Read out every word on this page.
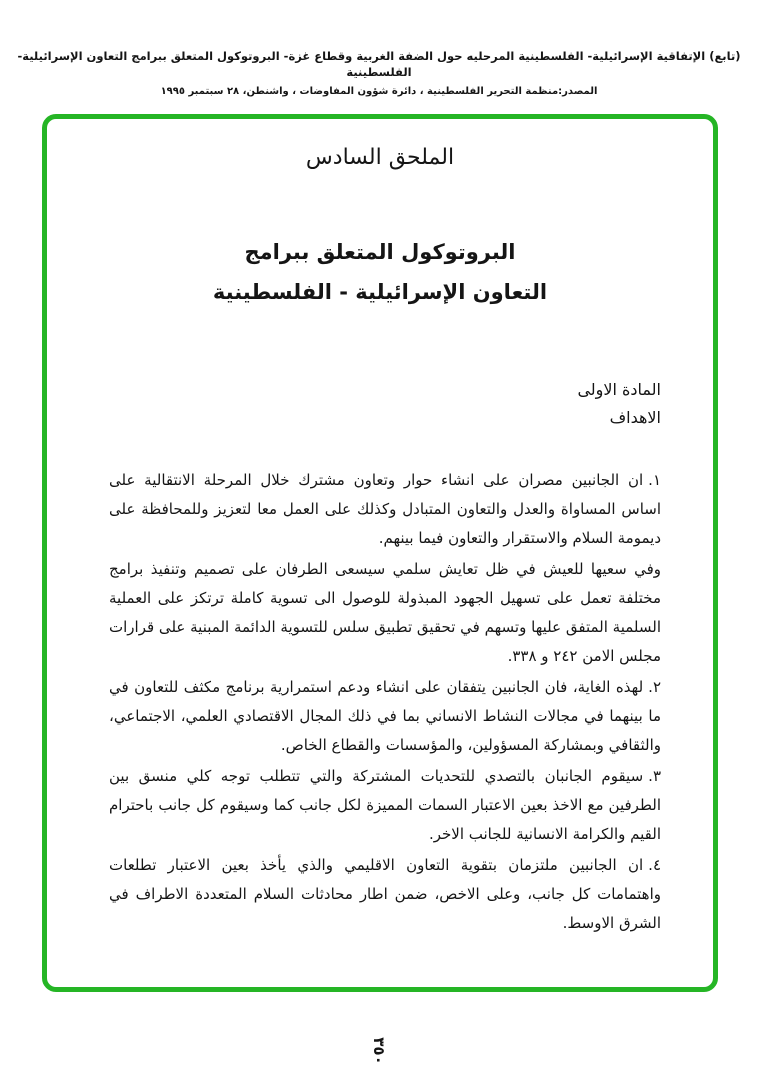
(تابع) الإتفاقية الإسرائيلية- الفلسطينية المرحليه حول الضفة الغربية وقطاع غزة- البروتوكول المتعلق ببرامج التعاون الإسرائيلية- الفلسطينية
المصدر:منظمة التحرير الفلسطينية ، دائرة شؤون المفاوضات ، واشنطن، ٢٨ سبتمبر ١٩٩٥
الملحق السادس
البروتوكول المتعلق ببرامج
التعاون الإسرائيلية - الفلسطينية
المادة الاولى
الاهداف

١.ان الجانبين مصران على انشاء حوار وتعاون مشترك خلال المرحلة الانتقالية على اساس المساواة والعدل والتعاون المتبادل وكذلك على العمل معا لتعزيز وللمحافظة على ديمومة السلام والاستقرار والتعاون فيما بينهم.

وفي سعيها للعيش في ظل تعايش سلمي سيسعى الطرفان على تصميم وتنفيذ برامج مختلفة تعمل على تسهيل الجهود المبذولة للوصول الى تسوية كاملة ترتكز على العملية السلمية المتفق عليها وتسهم في تحقيق تطبيق سلس للتسوية الدائمة المبنية على قرارات مجلس الامن ٢٤٢ و ٣٣٨.

٢.لهذه الغاية، فان الجانبين يتفقان على انشاء ودعم استمرارية برنامج مكثف للتعاون في ما بينهما في مجالات النشاط الانساني بما في ذلك المجال الاقتصادي العلمي، الاجتماعي، والثقافي وبمشاركة المسؤولين، والمؤسسات والقطاع الخاص.

٣.سيقوم الجانبان بالتصدي للتحديات المشتركة والتي تتطلب توجه كلي منسق بين الطرفين مع الاخذ بعين الاعتبار السمات المميزة لكل جانب كما وسيقوم كل جانب باحترام القيم والكرامة الانسانية للجانب الاخر.

٤.ان الجانبين ملتزمان بتقوية التعاون الاقليمي والذي يأخذ بعين الاعتبار تطلعات واهتمامات كل جانب، وعلى الاخص، ضمن اطار محادثات السلام المتعددة الاطراف في الشرق الاوسط.

٣٥٠
